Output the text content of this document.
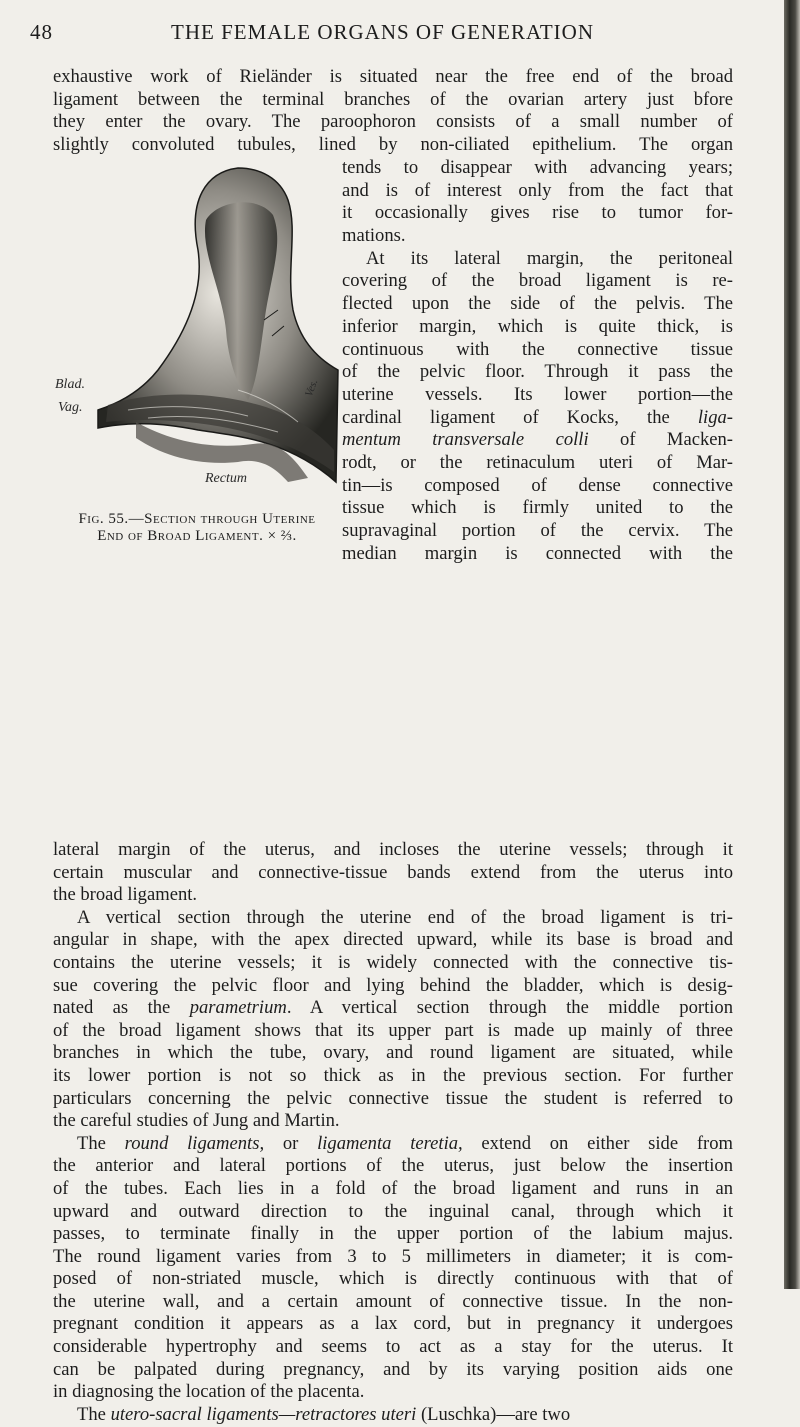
48	THE FEMALE ORGANS OF GENERATION
exhaustive work of Rieländer is situated near the free end of the broad
ligament between the terminal branches of the ovarian artery just bfore
they enter the ovary. The paroophoron consists of a small number of
slightly convoluted tubules, lined by non-ciliated epithelium. The organ
Blad.
Vag.
Rectum
Ves.
Fig. 55.—Section through Uterine
End of Broad Ligament. × ⅔.
tends to disappear with advancing years;
and is of interest only from the fact that
it occasionally gives rise to tumor for-
mations.
At its lateral margin, the peritoneal
covering of the broad ligament is re-
flected upon the side of the pelvis. The
inferior margin, which is quite thick, is
continuous with the connective tissue
of the pelvic floor. Through it pass the
uterine vessels. Its lower portion—the
cardinal ligament of Kocks, the liga-
mentum transversale colli of Macken-
rodt, or the retinaculum uteri of Mar-
tin—is composed of dense connective
tissue which is firmly united to the
supravaginal portion of the cervix. The
median margin is connected with the
lateral margin of the uterus, and incloses the uterine vessels; through it
certain muscular and connective-tissue bands extend from the uterus into
the broad ligament.
A vertical section through the uterine end of the broad ligament is tri-
angular in shape, with the apex directed upward, while its base is broad and
contains the uterine vessels; it is widely connected with the connective tis-
sue covering the pelvic floor and lying behind the bladder, which is desig-
nated as the parametrium. A vertical section through the middle portion
of the broad ligament shows that its upper part is made up mainly of three
branches in which the tube, ovary, and round ligament are situated, while
its lower portion is not so thick as in the previous section. For further
particulars concerning the pelvic connective tissue the student is referred to
the careful studies of Jung and Martin.
The round ligaments, or ligamenta teretia, extend on either side from
the anterior and lateral portions of the uterus, just below the insertion
of the tubes. Each lies in a fold of the broad ligament and runs in an
upward and outward direction to the inguinal canal, through which it
passes, to terminate finally in the upper portion of the labium majus.
The round ligament varies from 3 to 5 millimeters in diameter; it is com-
posed of non-striated muscle, which is directly continuous with that of
the uterine wall, and a certain amount of connective tissue. In the non-
pregnant condition it appears as a lax cord, but in pregnancy it undergoes
considerable hypertrophy and seems to act as a stay for the uterus. It
can be palpated during pregnancy, and by its varying position aids one
in diagnosing the location of the placenta.
The utero-sacral ligaments—retractores uteri (Luschka)—are two
